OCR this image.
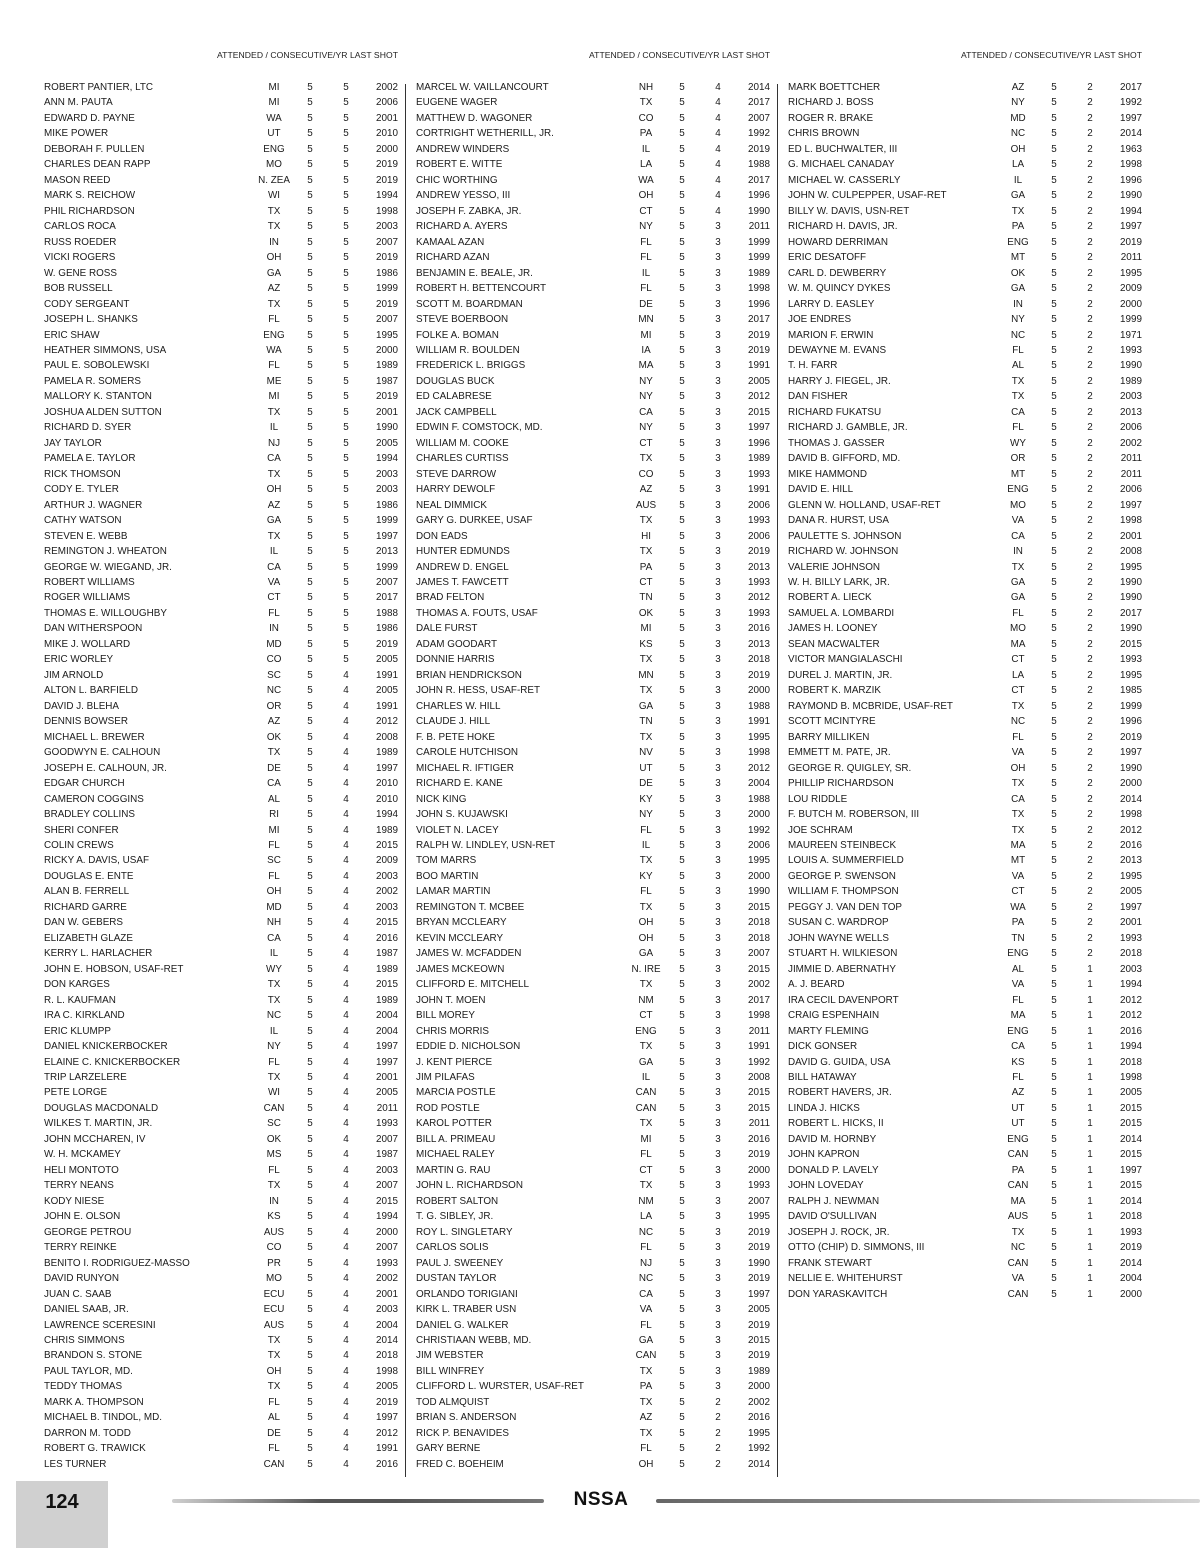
ATTENDED / CONSECUTIVE/YR LAST SHOT
ROBERT PANTIER, LTC	MI	5	5	2002
ANN M. PAUTA	MI	5	5	2006
EDWARD D. PAYNE	WA	5	5	2001
MIKE POWER	UT	5	5	2010
DEBORAH F. PULLEN	ENG	5	5	2000
CHARLES DEAN RAPP	MO	5	5	2019
MASON REED	N. ZEA	5	5	2019
MARK S. REICHOW	WI	5	5	1994
PHIL RICHARDSON	TX	5	5	1998
CARLOS ROCA	TX	5	5	2003
RUSS ROEDER	IN	5	5	2007
VICKI ROGERS	OH	5	5	2019
W. GENE ROSS	GA	5	5	1986
BOB RUSSELL	AZ	5	5	1999
CODY SERGEANT	TX	5	5	2019
JOSEPH L. SHANKS	FL	5	5	2007
ERIC SHAW	ENG	5	5	1995
HEATHER SIMMONS, USA	WA	5	5	2000
PAUL E. SOBOLEWSKI	FL	5	5	1989
PAMELA R. SOMERS	ME	5	5	1987
MALLORY K. STANTON	MI	5	5	2019
JOSHUA ALDEN SUTTON	TX	5	5	2001
RICHARD D. SYER	IL	5	5	1990
JAY TAYLOR	NJ	5	5	2005
PAMELA E. TAYLOR	CA	5	5	1994
RICK THOMSON	TX	5	5	2003
CODY E. TYLER	OH	5	5	2003
ARTHUR J. WAGNER	AZ	5	5	1986
CATHY WATSON	GA	5	5	1999
STEVEN E. WEBB	TX	5	5	1997
REMINGTON J. WHEATON	IL	5	5	2013
GEORGE W. WIEGAND, JR.	CA	5	5	1999
ROBERT WILLIAMS	VA	5	5	2007
ROGER WILLIAMS	CT	5	5	2017
THOMAS E. WILLOUGHBY	FL	5	5	1988
DAN WITHERSPOON	IN	5	5	1986
MIKE J. WOLLARD	MD	5	5	2019
ERIC WORLEY	CO	5	5	2005
JIM ARNOLD	SC	5	4	1991
ALTON L. BARFIELD	NC	5	4	2005
DAVID J. BLEHA	OR	5	4	1991
DENNIS BOWSER	AZ	5	4	2012
MICHAEL L. BREWER	OK	5	4	2008
GOODWYN E. CALHOUN	TX	5	4	1989
JOSEPH E. CALHOUN, JR.	DE	5	4	1997
EDGAR CHURCH	CA	5	4	2010
CAMERON COGGINS	AL	5	4	2010
BRADLEY COLLINS	RI	5	4	1994
SHERI CONFER	MI	5	4	1989
COLIN CREWS	FL	5	4	2015
RICKY A. DAVIS, USAF	SC	5	4	2009
DOUGLAS E. ENTE	FL	5	4	2003
ALAN B. FERRELL	OH	5	4	2002
RICHARD GARRE	MD	5	4	2003
DAN W. GEBERS	NH	5	4	2015
ELIZABETH GLAZE	CA	5	4	2016
KERRY L. HARLACHER	IL	5	4	1987
JOHN E. HOBSON, USAF-RET	WY	5	4	1989
DON KARGES	TX	5	4	2015
R. L. KAUFMAN	TX	5	4	1989
IRA C. KIRKLAND	NC	5	4	2004
ERIC KLUMPP	IL	5	4	2004
DANIEL KNICKERBOCKER	NY	5	4	1997
ELAINE C. KNICKERBOCKER	FL	5	4	1997
TRIP LARZELERE	TX	5	4	2001
PETE LORGE	WI	5	4	2005
DOUGLAS MACDONALD	CAN	5	4	2011
WILKES T. MARTIN, JR.	SC	5	4	1993
JOHN MCCHAREN, IV	OK	5	4	2007
W. H. MCKAMEY	MS	5	4	1987
HELI MONTOTO	FL	5	4	2003
TERRY NEANS	TX	5	4	2007
KODY NIESE	IN	5	4	2015
JOHN E. OLSON	KS	5	4	1994
GEORGE PETROU	AUS	5	4	2000
TERRY REINKE	CO	5	4	2007
BENITO I. RODRIGUEZ-MASSO	PR	5	4	1993
DAVID RUNYON	MO	5	4	2002
JUAN C. SAAB	ECU	5	4	2001
DANIEL SAAB, JR.	ECU	5	4	2003
LAWRENCE SCERESINI	AUS	5	4	2004
CHRIS SIMMONS	TX	5	4	2014
BRANDON S. STONE	TX	5	4	2018
PAUL TAYLOR, MD.	OH	5	4	1998
TEDDY THOMAS	TX	5	4	2005
MARK A. THOMPSON	FL	5	4	2019
MICHAEL B. TINDOL, MD.	AL	5	4	1997
DARRON M. TODD	DE	5	4	2012
ROBERT G. TRAWICK	FL	5	4	1991
LES TURNER	CAN	5	4	2016
ATTENDED / CONSECUTIVE/YR LAST SHOT
MARCEL W. VAILLANCOURT	NH	5	4	2014
EUGENE WAGER	TX	5	4	2017
MATTHEW D. WAGONER	CO	5	4	2007
CORTRIGHT WETHERILL, JR.	PA	5	4	1992
ANDREW WINDERS	IL	5	4	2019
ROBERT E. WITTE	LA	5	4	1988
CHIC WORTHING	WA	5	4	2017
ANDREW YESSO, III	OH	5	4	1996
JOSEPH F. ZABKA, JR.	CT	5	4	1990
RICHARD A. AYERS	NY	5	3	2011
KAMAAL AZAN	FL	5	3	1999
RICHARD AZAN	FL	5	3	1999
BENJAMIN E. BEALE, JR.	IL	5	3	1989
ROBERT H. BETTENCOURT	FL	5	3	1998
SCOTT M. BOARDMAN	DE	5	3	1996
STEVE BOERBOON	MN	5	3	2017
FOLKE A. BOMAN	MI	5	3	2019
WILLIAM R. BOULDEN	IA	5	3	2019
FREDERICK L. BRIGGS	MA	5	3	1991
DOUGLAS BUCK	NY	5	3	2005
ED CALABRESE	NY	5	3	2012
JACK CAMPBELL	CA	5	3	2015
EDWIN F. COMSTOCK, MD.	NY	5	3	1997
WILLIAM M. COOKE	CT	5	3	1996
CHARLES CURTISS	TX	5	3	1989
STEVE DARROW	CO	5	3	1993
HARRY DEWOLF	AZ	5	3	1991
NEAL DIMMICK	AUS	5	3	2006
GARY G. DURKEE, USAF	TX	5	3	1993
DON EADS	HI	5	3	2006
HUNTER EDMUNDS	TX	5	3	2019
ANDREW D. ENGEL	PA	5	3	2013
JAMES T. FAWCETT	CT	5	3	1993
BRAD FELTON	TN	5	3	2012
THOMAS A. FOUTS, USAF	OK	5	3	1993
DALE FURST	MI	5	3	2016
ADAM GOODART	KS	5	3	2013
DONNIE HARRIS	TX	5	3	2018
BRIAN HENDRICKSON	MN	5	3	2019
JOHN R. HESS, USAF-RET	TX	5	3	2000
CHARLES W. HILL	GA	5	3	1988
CLAUDE J. HILL	TN	5	3	1991
F. B. PETE HOKE	TX	5	3	1995
CAROLE HUTCHISON	NV	5	3	1998
MICHAEL R. IFTIGER	UT	5	3	2012
RICHARD E. KANE	DE	5	3	2004
NICK KING	KY	5	3	1988
JOHN S. KUJAWSKI	NY	5	3	2000
VIOLET N. LACEY	FL	5	3	1992
RALPH W. LINDLEY, USN-RET	IL	5	3	2006
TOM MARRS	TX	5	3	1995
BOO MARTIN	KY	5	3	2000
LAMAR MARTIN	FL	5	3	1990
REMINGTON T. MCBEE	TX	5	3	2015
BRYAN MCCLEARY	OH	5	3	2018
KEVIN MCCLEARY	OH	5	3	2018
JAMES W. MCFADDEN	GA	5	3	2007
JAMES MCKEOWN	N. IRE	5	3	2015
CLIFFORD E. MITCHELL	TX	5	3	2002
JOHN T. MOEN	NM	5	3	2017
BILL MOREY	CT	5	3	1998
CHRIS MORRIS	ENG	5	3	2011
EDDIE D. NICHOLSON	TX	5	3	1991
J. KENT PIERCE	GA	5	3	1992
JIM PILAFAS	IL	5	3	2008
MARCIA POSTLE	CAN	5	3	2015
ROD POSTLE	CAN	5	3	2015
KAROL POTTER	TX	5	3	2011
BILL A. PRIMEAU	MI	5	3	2016
MICHAEL RALEY	FL	5	3	2019
MARTIN G. RAU	CT	5	3	2000
JOHN L. RICHARDSON	TX	5	3	1993
ROBERT SALTON	NM	5	3	2007
T. G. SIBLEY, JR.	LA	5	3	1995
ROY L. SINGLETARY	NC	5	3	2019
CARLOS SOLIS	FL	5	3	2019
PAUL J. SWEENEY	NJ	5	3	1990
DUSTAN TAYLOR	NC	5	3	2019
ORLANDO TORIGIANI	CA	5	3	1997
KIRK L. TRABER USN	VA	5	3	2005
DANIEL G. WALKER	FL	5	3	2019
CHRISTIAAN WEBB, MD.	GA	5	3	2015
JIM WEBSTER	CAN	5	3	2019
BILL WINFREY	TX	5	3	1989
CLIFFORD L. WURSTER, USAF-RET	PA	5	3	2000
TOD ALMQUIST	TX	5	2	2002
BRIAN S. ANDERSON	AZ	5	2	2016
RICK P. BENAVIDES	TX	5	2	1995
GARY BERNE	FL	5	2	1992
FRED C. BOEHEIM	OH	5	2	2014
ATTENDED / CONSECUTIVE/YR LAST SHOT
MARK BOETTCHER	AZ	5	2	2017
RICHARD J. BOSS	NY	5	2	1992
ROGER R. BRAKE	MD	5	2	1997
CHRIS BROWN	NC	5	2	2014
ED L. BUCHWALTER, III	OH	5	2	1963
G. MICHAEL CANADAY	LA	5	2	1998
MICHAEL W. CASSERLY	IL	5	2	1996
JOHN W. CULPEPPER, USAF-RET	GA	5	2	1990
BILLY W. DAVIS, USN-RET	TX	5	2	1994
RICHARD H. DAVIS, JR.	PA	5	2	1997
HOWARD DERRIMAN	ENG	5	2	2019
ERIC DESATOFF	MT	5	2	2011
CARL D. DEWBERRY	OK	5	2	1995
W. M. QUINCY DYKES	GA	5	2	2009
LARRY D. EASLEY	IN	5	2	2000
JOE ENDRES	NY	5	2	1999
MARION F. ERWIN	NC	5	2	1971
DEWAYNE M. EVANS	FL	5	2	1993
T. H. FARR	AL	5	2	1990
HARRY J. FIEGEL, JR.	TX	5	2	1989
DAN FISHER	TX	5	2	2003
RICHARD FUKATSU	CA	5	2	2013
RICHARD J. GAMBLE, JR.	FL	5	2	2006
THOMAS J. GASSER	WY	5	2	2002
DAVID B. GIFFORD, MD.	OR	5	2	2011
MIKE HAMMOND	MT	5	2	2011
DAVID E. HILL	ENG	5	2	2006
GLENN W. HOLLAND, USAF-RET	MO	5	2	1997
DANA R. HURST, USA	VA	5	2	1998
PAULETTE S. JOHNSON	CA	5	2	2001
RICHARD W. JOHNSON	IN	5	2	2008
VALERIE JOHNSON	TX	5	2	1995
W. H. BILLY LARK, JR.	GA	5	2	1990
ROBERT A. LIECK	GA	5	2	1990
SAMUEL A. LOMBARDI	FL	5	2	2017
JAMES H. LOONEY	MO	5	2	1990
SEAN MACWALTER	MA	5	2	2015
VICTOR MANGIALASCHI	CT	5	2	1993
DUREL J. MARTIN, JR.	LA	5	2	1995
ROBERT K. MARZIK	CT	5	2	1985
RAYMOND B. MCBRIDE, USAF-RET	TX	5	2	1999
SCOTT MCINTYRE	NC	5	2	1996
BARRY MILLIKEN	FL	5	2	2019
EMMETT M. PATE, JR.	VA	5	2	1997
GEORGE R. QUIGLEY, SR.	OH	5	2	1990
PHILLIP RICHARDSON	TX	5	2	2000
LOU RIDDLE	CA	5	2	2014
F. BUTCH M. ROBERSON, III	TX	5	2	1998
JOE SCHRAM	TX	5	2	2012
MAUREEN STEINBECK	MA	5	2	2016
LOUIS A. SUMMERFIELD	MT	5	2	2013
GEORGE P. SWENSON	VA	5	2	1995
WILLIAM F. THOMPSON	CT	5	2	2005
PEGGY J. VAN DEN TOP	WA	5	2	1997
SUSAN C. WARDROP	PA	5	2	2001
JOHN WAYNE WELLS	TN	5	2	1993
STUART H. WILKIESON	ENG	5	2	2018
JIMMIE D. ABERNATHY	AL	5	1	2003
A. J. BEARD	VA	5	1	1994
IRA CECIL DAVENPORT	FL	5	1	2012
CRAIG ESPENHAIN	MA	5	1	2012
MARTY FLEMING	ENG	5	1	2016
DICK GONSER	CA	5	1	1994
DAVID G. GUIDA, USA	KS	5	1	2018
BILL HATAWAY	FL	5	1	1998
ROBERT HAVERS, JR.	AZ	5	1	2005
LINDA J. HICKS	UT	5	1	2015
ROBERT L. HICKS, II	UT	5	1	2015
DAVID M. HORNBY	ENG	5	1	2014
JOHN KAPRON	CAN	5	1	2015
DONALD P. LAVELY	PA	5	1	1997
JOHN LOVEDAY	CAN	5	1	2015
RALPH J. NEWMAN	MA	5	1	2014
DAVID O'SULLIVAN	AUS	5	1	2018
JOSEPH J. ROCK, JR.	TX	5	1	1993
OTTO (CHIP) D. SIMMONS, III	NC	5	1	2019
FRANK STEWART	CAN	5	1	2014
NELLIE E. WHITEHURST	VA	5	1	2004
DON YARASKAVITCH	CAN	5	1	2000
124	NSSA
